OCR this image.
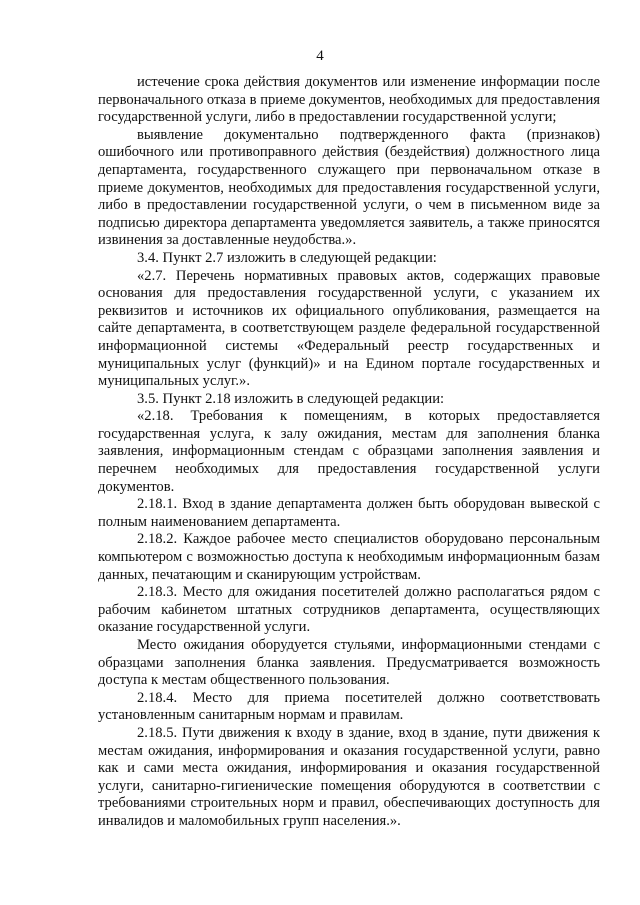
4

истечение срока действия документов или изменение информации после первоначального отказа в приеме документов, необходимых для предоставления государственной услуги, либо в предоставлении государственной услуги;

выявление документально подтвержденного факта (признаков) ошибочного или противоправного действия (бездействия) должностного лица департамента, государственного служащего при первоначальном отказе в приеме документов, необходимых для предоставления государственной услуги, либо в предоставлении государственной услуги, о чем в письменном виде за подписью директора департамента уведомляется заявитель, а также приносятся извинения за доставленные неудобства.».

3.4. Пункт 2.7 изложить в следующей редакции:

«2.7. Перечень нормативных правовых актов, содержащих правовые основания для предоставления государственной услуги, с указанием их реквизитов и источников их официального опубликования, размещается на сайте департамента, в соответствующем разделе федеральной государственной информационной системы «Федеральный реестр государственных и муниципальных услуг (функций)» и на Едином портале государственных и муниципальных услуг.».

3.5. Пункт 2.18 изложить в следующей редакции:

«2.18. Требования к помещениям, в которых предоставляется государственная услуга, к залу ожидания, местам для заполнения бланка заявления, информационным стендам с образцами заполнения заявления и перечнем необходимых для предоставления государственной услуги документов.

2.18.1. Вход в здание департамента должен быть оборудован вывеской с полным наименованием департамента.

2.18.2. Каждое рабочее место специалистов оборудовано персональным компьютером с возможностью доступа к необходимым информационным базам данных, печатающим и сканирующим устройствам.

2.18.3. Место для ожидания посетителей должно располагаться рядом с рабочим кабинетом штатных сотрудников департамента, осуществляющих оказание государственной услуги.

Место ожидания оборудуется стульями, информационными стендами с образцами заполнения бланка заявления. Предусматривается возможность доступа к местам общественного пользования.

2.18.4. Место для приема посетителей должно соответствовать установленным санитарным нормам и правилам.

2.18.5. Пути движения к входу в здание, вход в здание, пути движения к местам ожидания, информирования и оказания государственной услуги, равно как и сами места ожидания, информирования и оказания государственной услуги, санитарно-гигиенические помещения оборудуются в соответствии с требованиями строительных норм и правил, обеспечивающих доступность для инвалидов и маломобильных групп населения.».
